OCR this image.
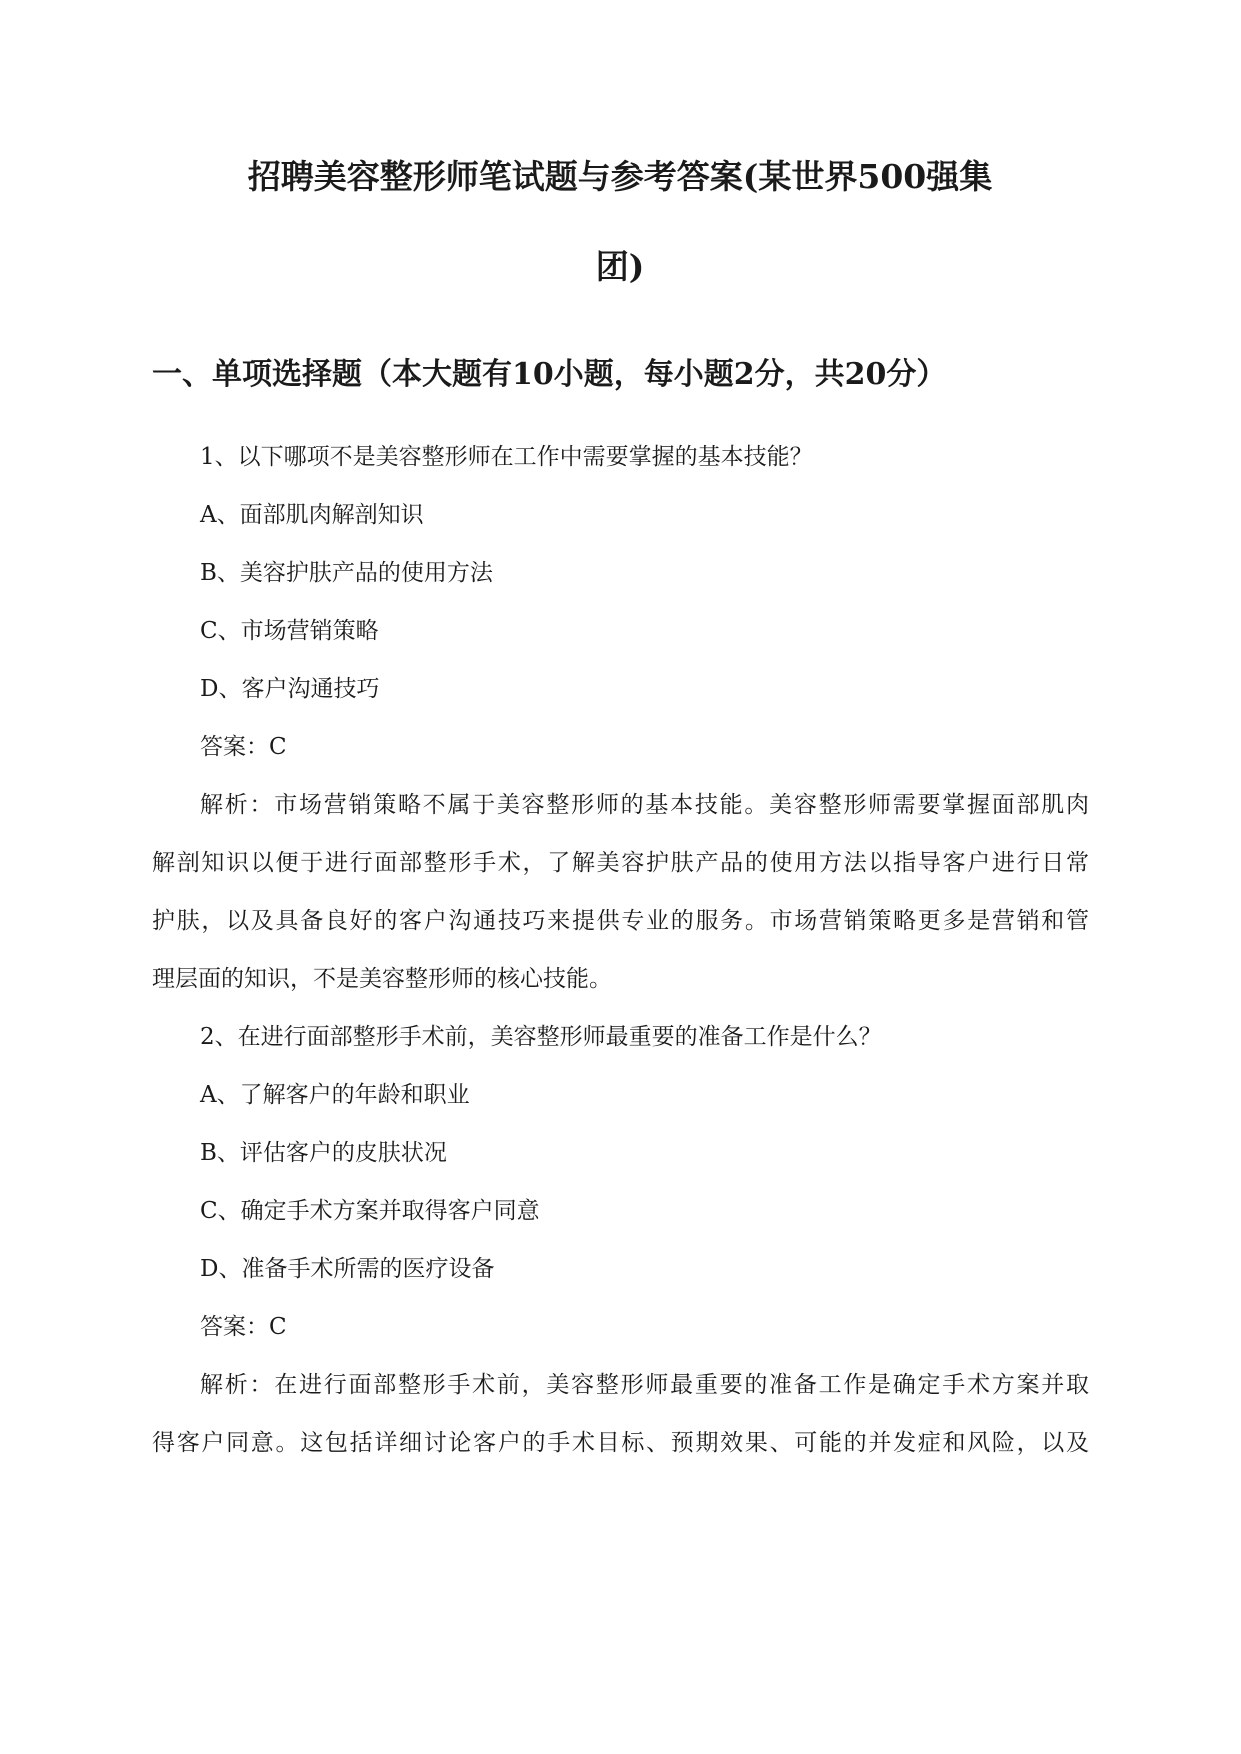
招聘美容整形师笔试题与参考答案(某世界500强集
团)
一、单项选择题（本大题有10小题，每小题2分，共20分）
1、以下哪项不是美容整形师在工作中需要掌握的基本技能？
A、面部肌肉解剖知识
B、美容护肤产品的使用方法
C、市场营销策略
D、客户沟通技巧
答案：C
解析：市场营销策略不属于美容整形师的基本技能。美容整形师需要掌握面部肌肉
解剖知识以便于进行面部整形手术，了解美容护肤产品的使用方法以指导客户进行日常
护肤，以及具备良好的客户沟通技巧来提供专业的服务。市场营销策略更多是营销和管
理层面的知识，不是美容整形师的核心技能。
2、在进行面部整形手术前，美容整形师最重要的准备工作是什么？
A、了解客户的年龄和职业
B、评估客户的皮肤状况
C、确定手术方案并取得客户同意
D、准备手术所需的医疗设备
答案：C
解析：在进行面部整形手术前，美容整形师最重要的准备工作是确定手术方案并取
得客户同意。这包括详细讨论客户的手术目标、预期效果、可能的并发症和风险，以及
